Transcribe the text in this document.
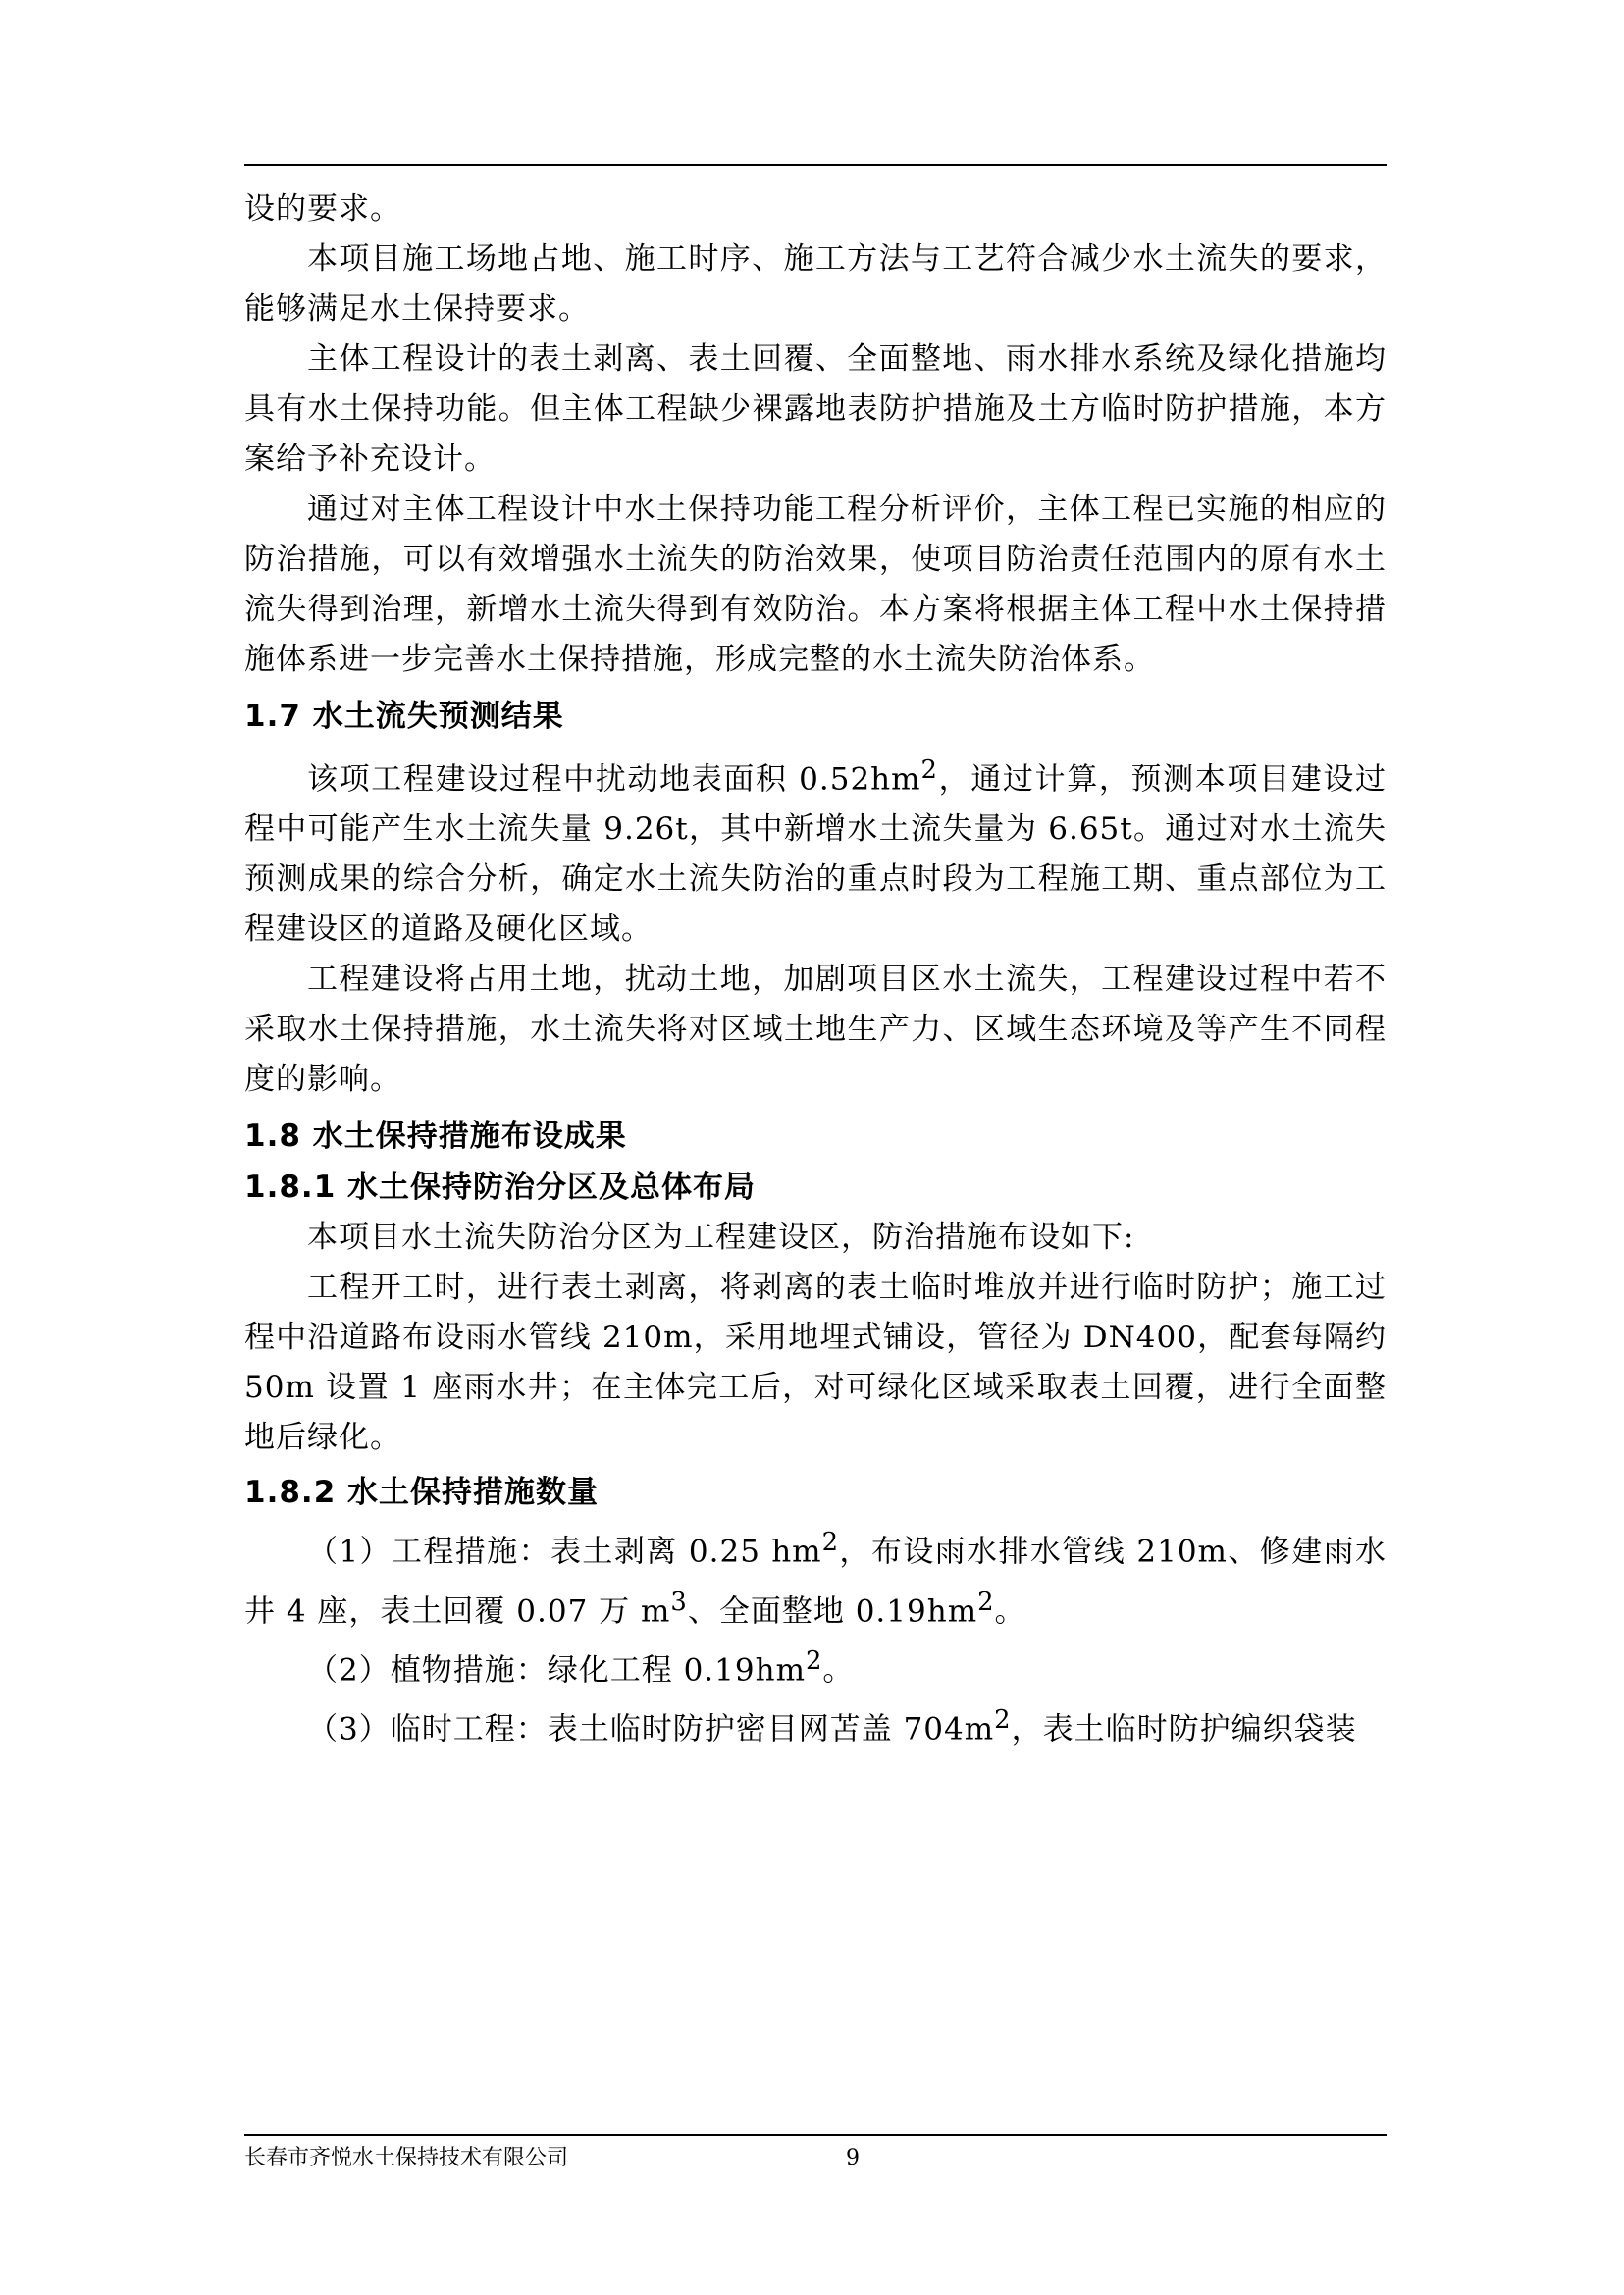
设的要求。

本项目施工场地占地、施工时序、施工方法与工艺符合减少水土流失的要求，能够满足水土保持要求。

主体工程设计的表土剥离、表土回覆、全面整地、雨水排水系统及绿化措施均具有水土保持功能。但主体工程缺少裸露地表防护措施及土方临时防护措施，本方案给予补充设计。

通过对主体工程设计中水土保持功能工程分析评价，主体工程已实施的相应的防治措施，可以有效增强水土流失的防治效果，使项目防治责任范围内的原有水土流失得到治理，新增水土流失得到有效防治。本方案将根据主体工程中水土保持措施体系进一步完善水土保持措施，形成完整的水土流失防治体系。

1.7 水土流失预测结果

该项工程建设过程中扰动地表面积 $0.52hm^2$，通过计算，预测本项目建设过程中可能产生水土流失量 9.26t，其中新增水土流失量为 6.65t。通过对水土流失预测成果的综合分析，确定水土流失防治的重点时段为工程施工期、重点部位为工程建设区的道路及硬化区域。

工程建设将占用土地，扰动土地，加剧项目区水土流失，工程建设过程中若不采取水土保持措施，水土流失将对区域土地生产力、区域生态环境及等产生不同程度的影响。

1.8 水土保持措施布设成果
1.8.1 水土保持防治分区及总体布局

本项目水土流失防治分区为工程建设区，防治措施布设如下:

工程开工时，进行表土剥离，将剥离的表土临时堆放并进行临时防护；施工过程中沿道路布设雨水管线 210m，采用地埋式铺设，管径为 DN400，配套每隔约 50m 设置 1 座雨水井；在主体完工后，对可绿化区域采取表土回覆，进行全面整地后绿化。

1.8.2 水土保持措施数量

（1）工程措施：表土剥离 0.25 $hm^2$，布设雨水排水管线 210m、修建雨水井 4 座，表土回覆 0.07 万 $m^3$、全面整地 $0.19hm^2$。

（2）植物措施：绿化工程 $0.19hm^2$。

（3）临时工程：表土临时防护密目网苫盖 $704m^2$，表土临时防护编织袋装

长春市齐悦水土保持技术有限公司	9
